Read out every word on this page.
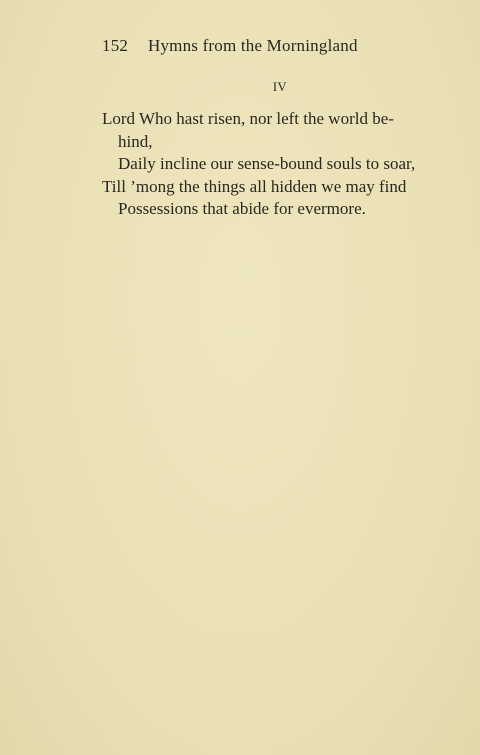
152 Hymns from the Morningland
IV
Lord Who hast risen, nor left the world be-
hind,
Daily incline our sense-bound souls to soar,
Till ’mong the things all hidden we may find
Possessions that abide for evermore.
